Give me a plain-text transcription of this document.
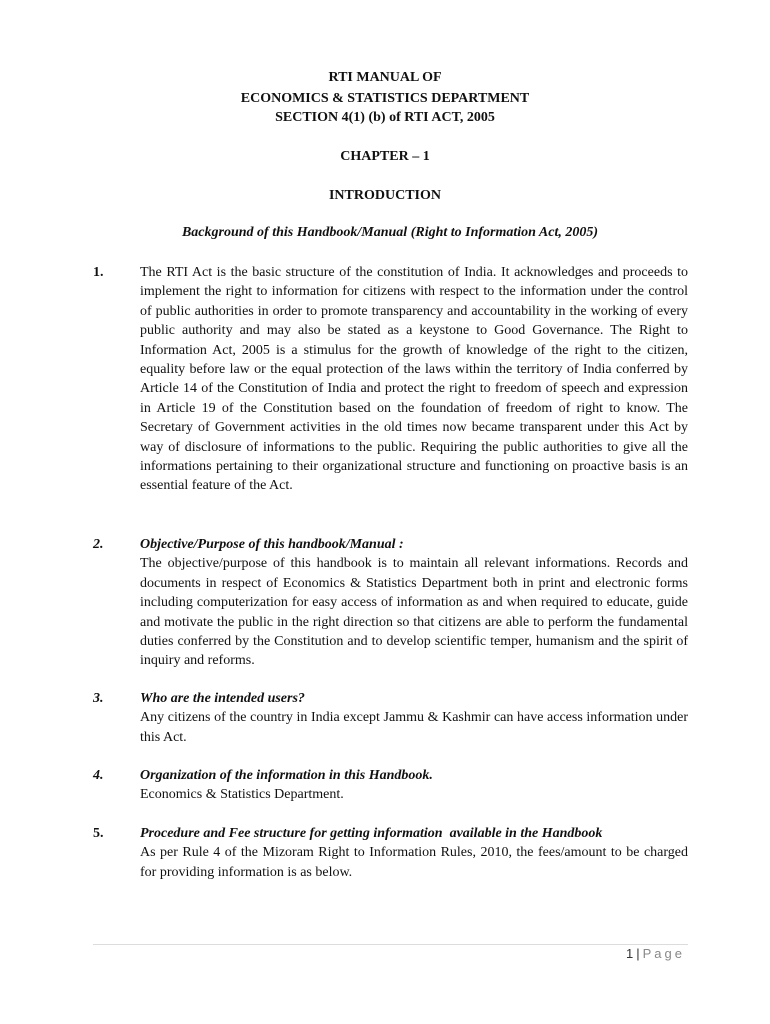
RTI MANUAL OF
ECONOMICS & STATISTICS DEPARTMENT
SECTION 4(1) (b) of RTI ACT, 2005
CHAPTER – 1
INTRODUCTION
Background of this Handbook/Manual (Right to Information Act, 2005)
1.	The RTI Act is the basic structure of the constitution of India. It acknowledges and proceeds to implement the right to information for citizens with respect to the information under the control of public authorities in order to promote transparency and accountability in the working of every public authority and may also be stated as a keystone to Good Governance. The Right to Information Act, 2005 is a stimulus for the growth of knowledge of the right to the citizen, equality before law or the equal protection of the laws within the territory of India conferred by Article 14 of the Constitution of India and protect the right to freedom of speech and expression in Article 19 of the Constitution based on the foundation of freedom of right to know. The Secretary of Government activities in the old times now became transparent under this Act by way of disclosure of informations to the public. Requiring the public authorities to give all the informations pertaining to their organizational structure and functioning on proactive basis is an essential feature of the Act.
2.	Objective/Purpose of this handbook/Manual :
The objective/purpose of this handbook is to maintain all relevant informations. Records and documents in respect of Economics & Statistics Department both in print and electronic forms including computerization for easy access of information as and when required to educate, guide and motivate the public in the right direction so that citizens are able to perform the fundamental duties conferred by the Constitution and to develop scientific temper, humanism and the spirit of inquiry and reforms.
3.	Who are the intended users?
Any citizens of the country in India except Jammu & Kashmir can have access information under this Act.
4.	Organization of the information in this Handbook.
Economics & Statistics Department.
5.	Procedure and Fee structure for getting information  available in the Handbook
As per Rule 4 of the Mizoram Right to Information Rules, 2010, the fees/amount to be charged for providing information is as below.
1 | Page
